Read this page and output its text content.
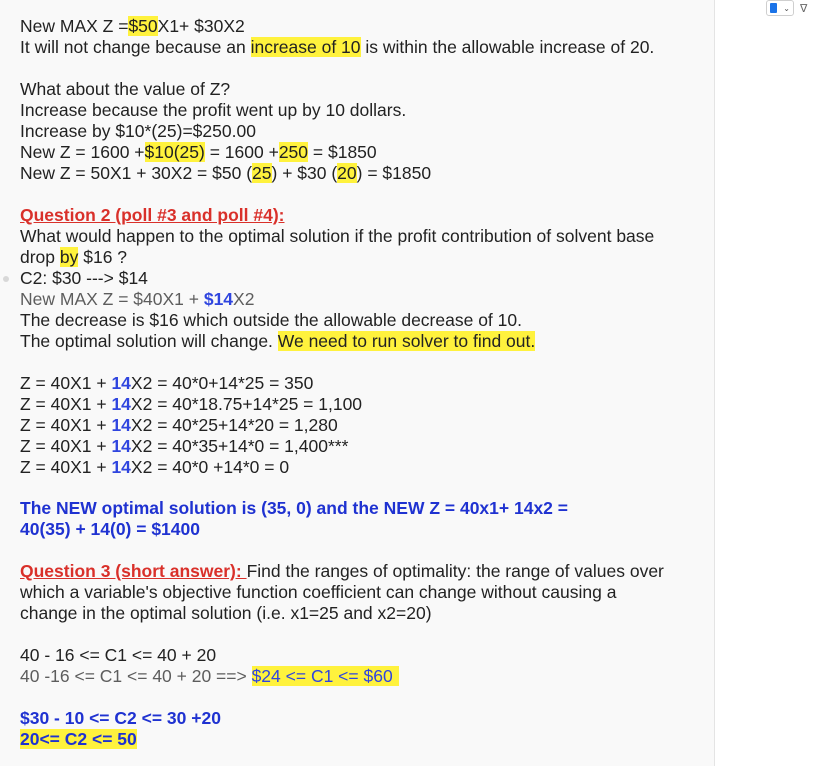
New MAX Z =$50X1+ $30X2
It will not change because an increase of 10 is within the allowable increase of 20.
What about the value of Z?
Increase because the profit went up by 10 dollars.
Increase by $10*(25)=$250.00
New Z = 1600 +$10(25) = 1600 +250 = $1850
New Z = 50X1 + 30X2 = $50 (25) + $30 (20) = $1850
Question 2 (poll #3 and poll #4):
What would happen to the optimal solution if the profit contribution of solvent base
drop by $16 ?
C2: $30 ---> $14
New MAX Z = $40X1 + $14X2
The decrease is $16 which outside the allowable decrease of 10.
The optimal solution will change. We need to run solver to find out.
Z = 40X1 + 14X2 = 40*0+14*25 = 350
Z = 40X1 + 14X2 = 40*18.75+14*25 = 1,100
Z = 40X1 + 14X2 = 40*25+14*20 = 1,280
Z = 40X1 + 14X2 = 40*35+14*0 = 1,400***
Z = 40X1 + 14X2 = 40*0 +14*0 = 0
The NEW optimal solution is (35, 0) and the NEW Z = 40x1+ 14x2 =
40(35) + 14(0) = $1400
Question 3 (short answer): Find the ranges of optimality: the range of values over
which a variable's objective function coefficient can change without causing a
change in the optimal solution (i.e. x1=25 and x2=20)
40 - 16 <= C1 <= 40 + 20
40 -16 <= C1 <= 40 + 20 ==> $24 <= C1 <= $60
$30 - 10 <= C2 <= 30 +20
20<= C2 <= 50
⌄ ∇
